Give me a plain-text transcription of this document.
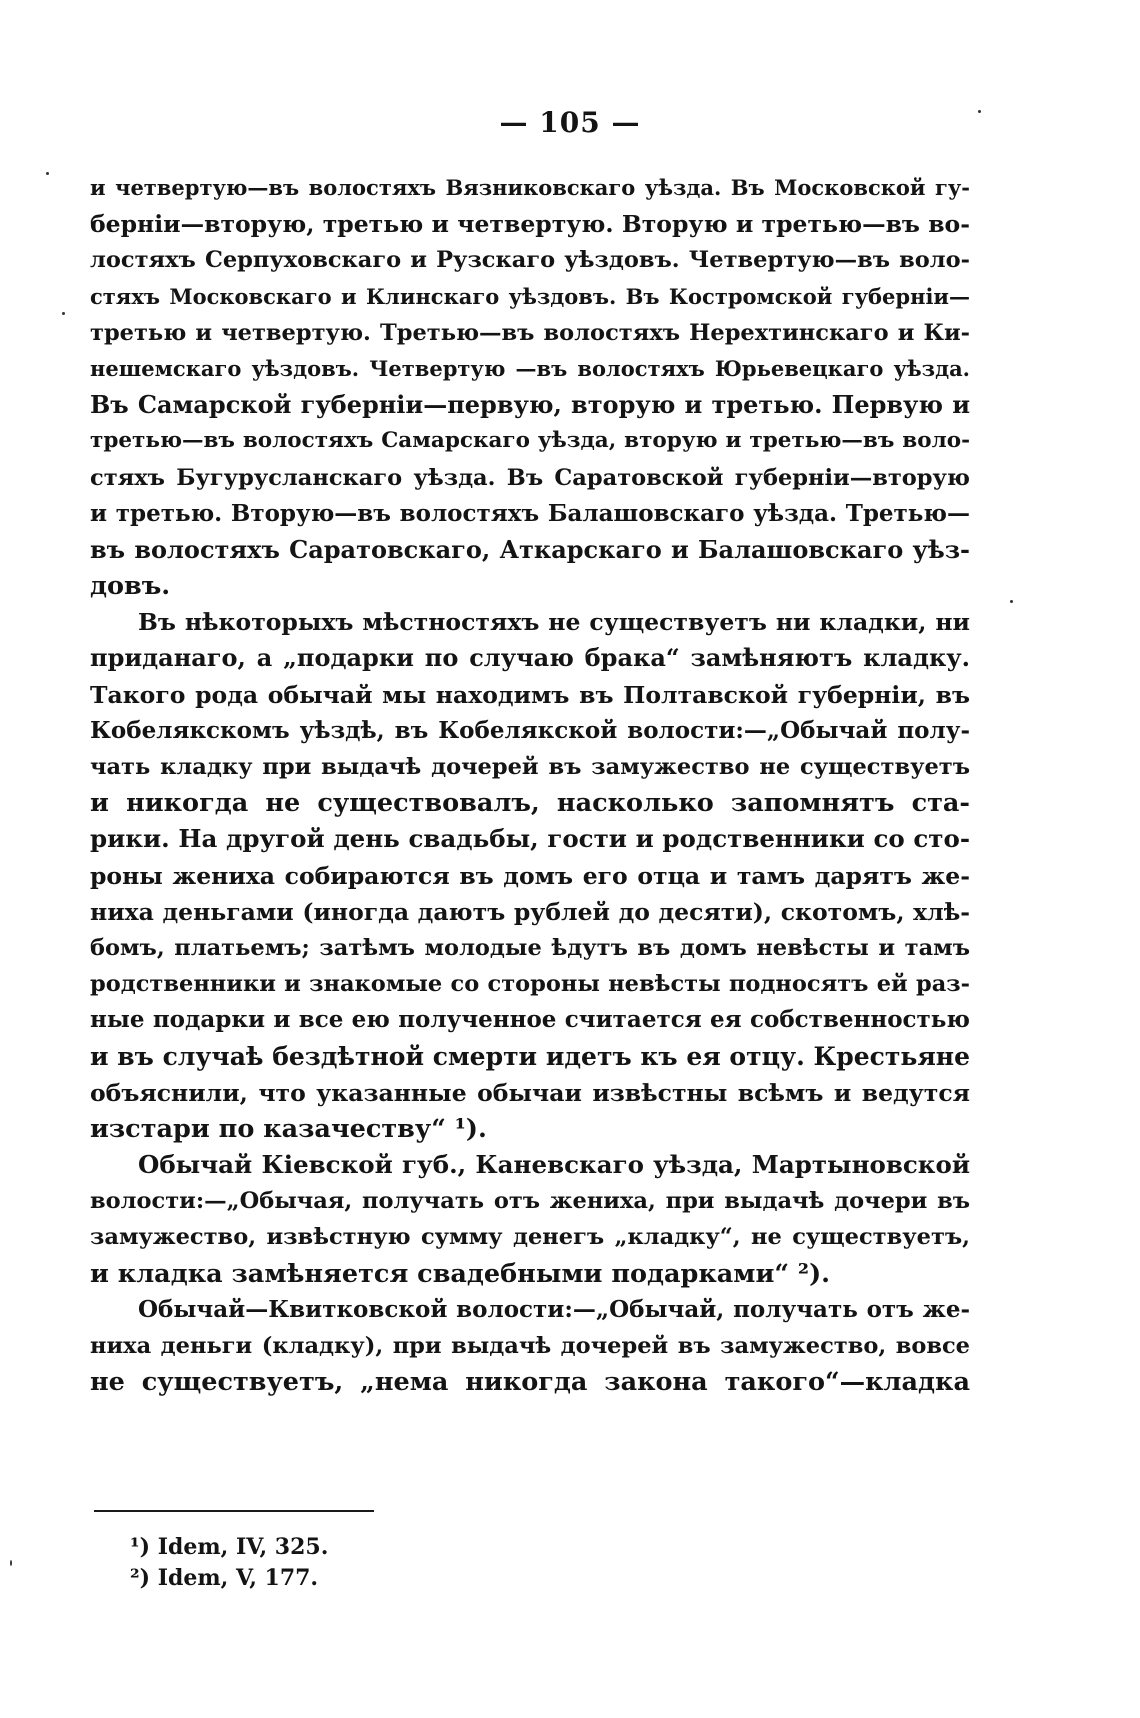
— 105 —
и четвертую—въ волостяхъ Вязниковскаго уѣзда. Въ Московской гу-
берніи—вторую, третью и четвертую. Вторую и третью—въ во-
лостяхъ Серпуховскаго и Рузскаго уѣздовъ. Четвертую—въ воло-
стяхъ Московскаго и Клинскаго уѣздовъ. Въ Костромской губерніи—
третью и четвертую. Третью—въ волостяхъ Нерехтинскаго и Ки-
нешемскаго уѣздовъ. Четвертую —въ волостяхъ Юрьевецкаго уѣзда.
Въ Самарской губерніи—первую, вторую и третью. Первую и
третью—въ волостяхъ Самарскаго уѣзда, вторую и третью—въ воло-
стяхъ Бугурусланскаго уѣзда. Въ Саратовской губерніи—вторую
и третью. Вторую—въ волостяхъ Балашовскаго уѣзда. Третью—
въ волостяхъ Саратовскаго, Аткарскаго и Балашовскаго уѣз-
довъ.
Въ нѣкоторыхъ мѣстностяхъ не существуетъ ни кладки, ни
приданаго, а „подарки по случаю брака“ замѣняютъ кладку.
Такого рода обычай мы находимъ въ Полтавской губерніи, въ
Кобелякскомъ уѣздѣ, въ Кобелякской волости:—„Обычай полу-
чать кладку при выдачѣ дочерей въ замужество не существуетъ
и никогда не существовалъ, насколько запомнятъ ста-
рики. На другой день свадьбы, гости и родственники со сто-
роны жениха собираются въ домъ его отца и тамъ дарятъ же-
ниха деньгами (иногда даютъ рублей до десяти), скотомъ, хлѣ-
бомъ, платьемъ; затѣмъ молодые ѣдутъ въ домъ невѣсты и тамъ
родственники и знакомые со стороны невѣсты подносятъ ей раз-
ные подарки и все ею полученное считается ея собственностью
и въ случаѣ бездѣтной смерти идетъ къ ея отцу. Крестьяне
объяснили, что указанные обычаи извѣстны всѣмъ и ведутся
изстари по казачеству“ ¹).
Обычай Кіевской губ., Каневскаго уѣзда, Мартыновской
волости:—„Обычая, получать отъ жениха, при выдачѣ дочери въ
замужество, извѣстную сумму денегъ „кладку“, не существуетъ,
и кладка замѣняется свадебными подарками“ ²).
Обычай—Квитковской волости:—„Обычай, получать отъ же-
ниха деньги (кладку), при выдачѣ дочерей въ замужество, вовсе
не существуетъ, „нема никогда закона такого“—кладка
¹) Idem, IV, 325.
²) Idem, V, 177.
